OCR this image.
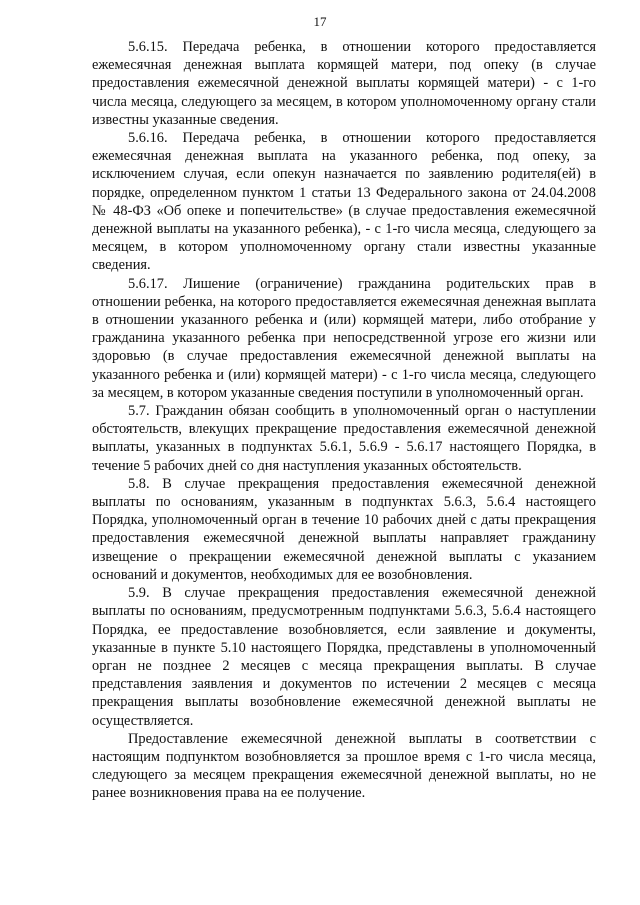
17

5.6.15. Передача ребенка, в отношении которого предоставляется ежемесячная денежная выплата кормящей матери, под опеку (в случае предоставления ежемесячной денежной выплаты кормящей матери) - с 1-го числа месяца, следующего за месяцем, в котором уполномоченному органу стали известны указанные сведения.

5.6.16. Передача ребенка, в отношении которого предоставляется ежемесячная денежная выплата на указанного ребенка, под опеку, за исключением случая, если опекун назначается по заявлению родителя(ей) в порядке, определенном пунктом 1 статьи 13 Федерального закона от 24.04.2008 № 48-ФЗ «Об опеке и попечительстве» (в случае предоставления ежемесячной денежной выплаты на указанного ребенка), - с 1-го числа месяца, следующего за месяцем, в котором уполномоченному органу стали известны указанные сведения.

5.6.17. Лишение (ограничение) гражданина родительских прав в отношении ребенка, на которого предоставляется ежемесячная денежная выплата в отношении указанного ребенка и (или) кормящей матери, либо отобрание у гражданина указанного ребенка при непосредственной угрозе его жизни или здоровью (в случае предоставления ежемесячной денежной выплаты на указанного ребенка и (или) кормящей матери) - с 1-го числа месяца, следующего за месяцем, в котором указанные сведения поступили в уполномоченный орган.

5.7. Гражданин обязан сообщить в уполномоченный орган о наступлении обстоятельств, влекущих прекращение предоставления ежемесячной денежной выплаты, указанных в подпунктах 5.6.1, 5.6.9 - 5.6.17 настоящего Порядка, в течение 5 рабочих дней со дня наступления указанных обстоятельств.

5.8. В случае прекращения предоставления ежемесячной денежной выплаты по основаниям, указанным в подпунктах 5.6.3, 5.6.4 настоящего Порядка, уполномоченный орган в течение 10 рабочих дней с даты прекращения предоставления ежемесячной денежной выплаты направляет гражданину извещение о прекращении ежемесячной денежной выплаты с указанием оснований и документов, необходимых для ее возобновления.

5.9. В случае прекращения предоставления ежемесячной денежной выплаты по основаниям, предусмотренным подпунктами 5.6.3, 5.6.4 настоящего Порядка, ее предоставление возобновляется, если заявление и документы, указанные в пункте 5.10 настоящего Порядка, представлены в уполномоченный орган не позднее 2 месяцев с месяца прекращения выплаты. В случае представления заявления и документов по истечении 2 месяцев с месяца прекращения выплаты возобновление ежемесячной денежной выплаты не осуществляется.

Предоставление ежемесячной денежной выплаты в соответствии с настоящим подпунктом возобновляется за прошлое время с 1-го числа месяца, следующего за месяцем прекращения ежемесячной денежной выплаты, но не ранее возникновения права на ее получение.
